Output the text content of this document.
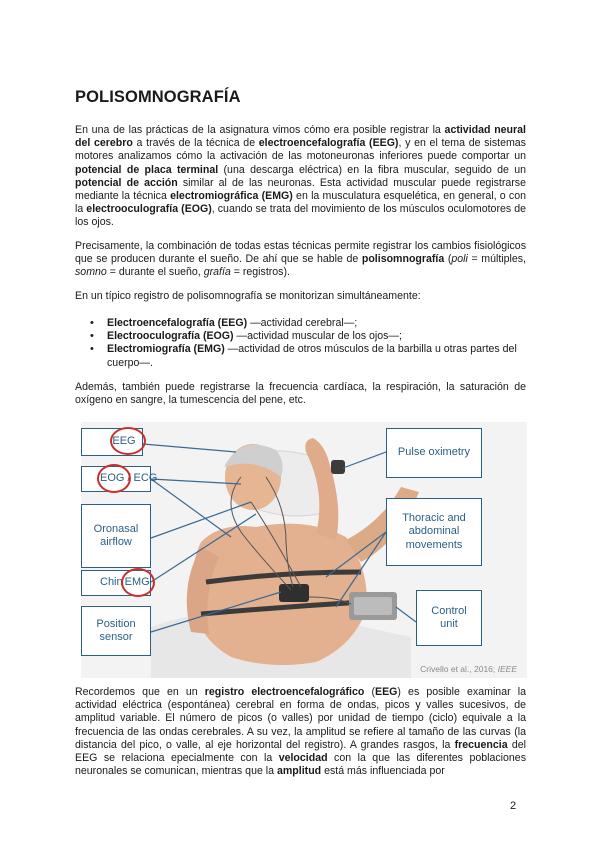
POLISOMNOGRAFÍA

En una de las prácticas de la asignatura vimos cómo era posible registrar la actividad neural del cerebro a través de la técnica de electroencefalografía (EEG), y en el tema de sistemas motores analizamos cómo la activación de las motoneuronas inferiores puede comportar un potencial de placa terminal (una descarga eléctrica) en la fibra muscular, seguido de un potencial de acción similar al de las neuronas. Esta actividad muscular puede registrarse mediante la técnica electromiográfica (EMG) en la musculatura esquelética, en general, o con la electrooculografía (EOG), cuando se trata del movimiento de los músculos oculomotores de los ojos.

Precisamente, la combinación de todas estas técnicas permite registrar los cambios fisiológicos que se producen durante el sueño. De ahí que se hable de polisomnografía (poli = múltiples, somno = durante el sueño, grafía = registros).

En un típico registro de polisomnografía se monitorizan simultáneamente:

• Electroencefalografía (EEG) —actividad cerebral—;
• Electrooculografía (EOG) —actividad muscular de los ojos—;
• Electromiografía (EMG) —actividad de otros músculos de la barbilla u otras partes del cuerpo—.

Además, también puede registrarse la frecuencia cardíaca, la respiración, la saturación de oxígeno en sangre, la tumescencia del pene, etc.

EEG
EOG / ECG
Oronasal airflow
Chin EMG
Position sensor
Pulse oximetry
Thoracic and abdominal movements
Control unit
Crivello et al., 2016; IEEE

Recordemos que en un registro electroencefalográfico (EEG) es posible examinar la actividad eléctrica (espontánea) cerebral en forma de ondas, picos y valles sucesivos, de amplitud variable. El número de picos (o valles) por unidad de tiempo (ciclo) equivale a la frecuencia de las ondas cerebrales. A su vez, la amplitud se refiere al tamaño de las curvas (la distancia del pico, o valle, al eje horizontal del registro). A grandes rasgos, la frecuencia del EEG se relaciona epecialmente con la velocidad con la que las diferentes poblaciones neuronales se comunican, mientras que la amplitud está más influenciada por

2
